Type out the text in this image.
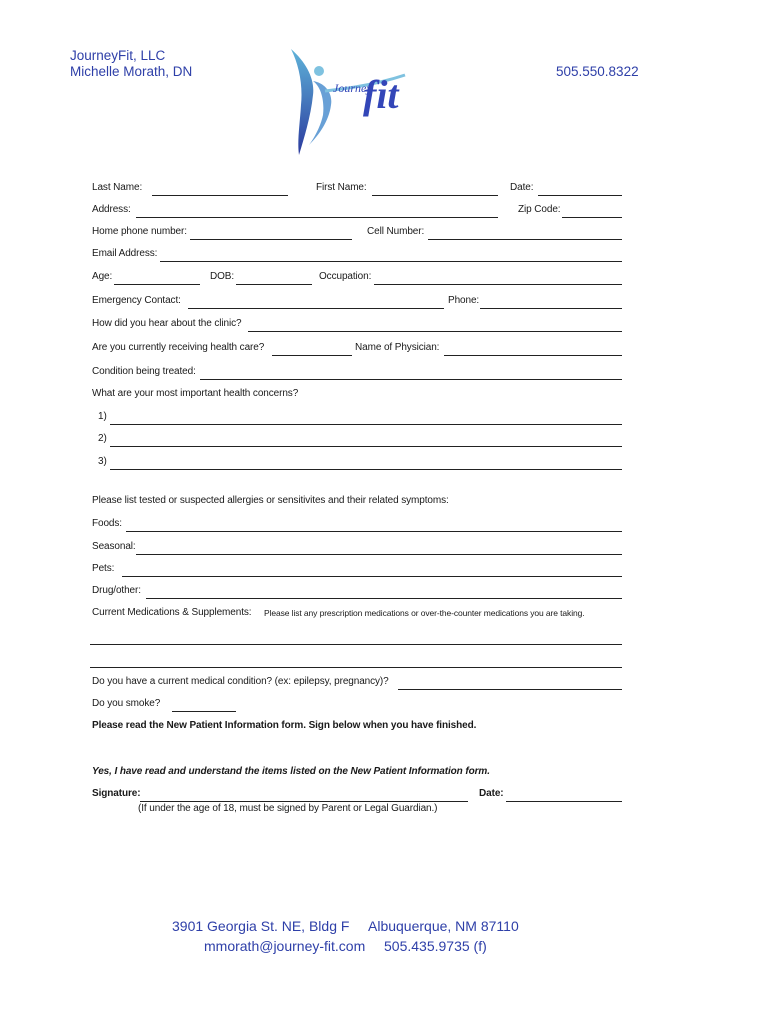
JourneyFit, LLC
Michelle Morath, DN	505.550.8322
Journey
fit
Last Name:	First Name:	Date:
Address:	Zip Code:
Home phone number:	Cell Number:
Email Address:
Age:	DOB:	Occupation:
Emergency Contact:	Phone:
How did you hear about the clinic?
Are you currently receiving health care?	Name of Physician:
Condition being treated:
What are your most important health concerns?
1)
2)
3)
Please list tested or suspected allergies or sensitivites and their related symptoms:
Foods:
Seasonal:
Pets:
Drug/other:
Current Medications & Supplements: Please list any prescription medications or over-the-counter medications you are taking.
Do you have a current medical condition? (ex: epilepsy, pregnancy)?
Do you smoke?
Please read the New Patient Information form. Sign below when you have finished.
Yes, I have read and understand the items listed on the New Patient Information form.
Signature:	Date:
(If under the age of 18, must be signed by Parent or Legal Guardian.)
3901 Georgia St. NE, Bldg F Albuquerque, NM 87110
mmorath@journey-fit.com 505.435.9735 (f)
